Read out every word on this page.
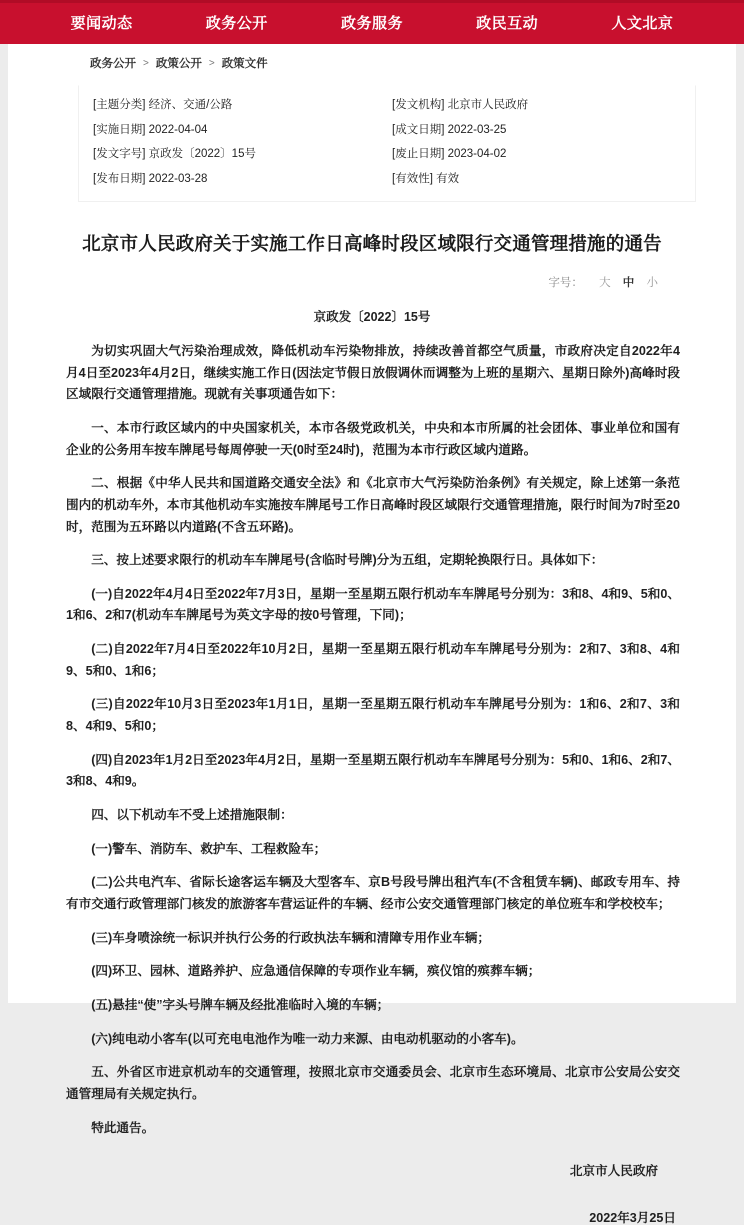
要闻动态	政务公开	政务服务	政民互动	人文北京
政务公开 > 政策公开 > 政策文件
[主题分类] 经济、交通/公路	[发文机构] 北京市人民政府
[实施日期] 2022-04-04	[成文日期] 2022-03-25
[发文字号] 京政发〔2022〕15号	[废止日期] 2023-04-02
[发布日期] 2022-03-28	[有效性] 有效
北京市人民政府关于实施工作日高峰时段区域限行交通管理措施的通告
字号： 大 中 小
京政发〔2022〕15号

为切实巩固大气污染治理成效，降低机动车污染物排放，持续改善首都空气质量，市政府决定自2022年4月4日至2023年4月2日，继续实施工作日(因法定节假日放假调休而调整为上班的星期六、星期日除外)高峰时段区域限行交通管理措施。现就有关事项通告如下：

一、本市行政区域内的中央国家机关，本市各级党政机关，中央和本市所属的社会团体、事业单位和国有企业的公务用车按车牌尾号每周停驶一天(0时至24时)，范围为本市行政区域内道路。

二、根据《中华人民共和国道路交通安全法》和《北京市大气污染防治条例》有关规定，除上述第一条范围内的机动车外，本市其他机动车实施按车牌尾号工作日高峰时段区域限行交通管理措施，限行时间为7时至20时，范围为五环路以内道路(不含五环路)。

三、按上述要求限行的机动车车牌尾号(含临时号牌)分为五组，定期轮换限行日。具体如下：

(一)自2022年4月4日至2022年7月3日，星期一至星期五限行机动车车牌尾号分别为：3和8、4和9、5和0、1和6、2和7(机动车车牌尾号为英文字母的按0号管理，下同)；

(二)自2022年7月4日至2022年10月2日，星期一至星期五限行机动车车牌尾号分别为：2和7、3和8、4和9、5和0、1和6；

(三)自2022年10月3日至2023年1月1日，星期一至星期五限行机动车车牌尾号分别为：1和6、2和7、3和8、4和9、5和0；

(四)自2023年1月2日至2023年4月2日，星期一至星期五限行机动车车牌尾号分别为：5和0、1和6、2和7、3和8、4和9。

四、以下机动车不受上述措施限制：

(一)警车、消防车、救护车、工程救险车；

(二)公共电汽车、省际长途客运车辆及大型客车、京B号段号牌出租汽车(不含租赁车辆)、邮政专用车、持有市交通行政管理部门核发的旅游客车营运证件的车辆、经市公安交通管理部门核定的单位班车和学校校车；

(三)车身喷涂统一标识并执行公务的行政执法车辆和清障专用作业车辆；

(四)环卫、园林、道路养护、应急通信保障的专项作业车辆，殡仪馆的殡葬车辆；

(五)悬挂“使”字头号牌车辆及经批准临时入境的车辆；

(六)纯电动小客车(以可充电电池作为唯一动力来源、由电动机驱动的小客车)。

五、外省区市进京机动车的交通管理，按照北京市交通委员会、北京市生态环境局、北京市公安局公安交通管理局有关规定执行。

特此通告。

北京市人民政府
2022年3月25日
